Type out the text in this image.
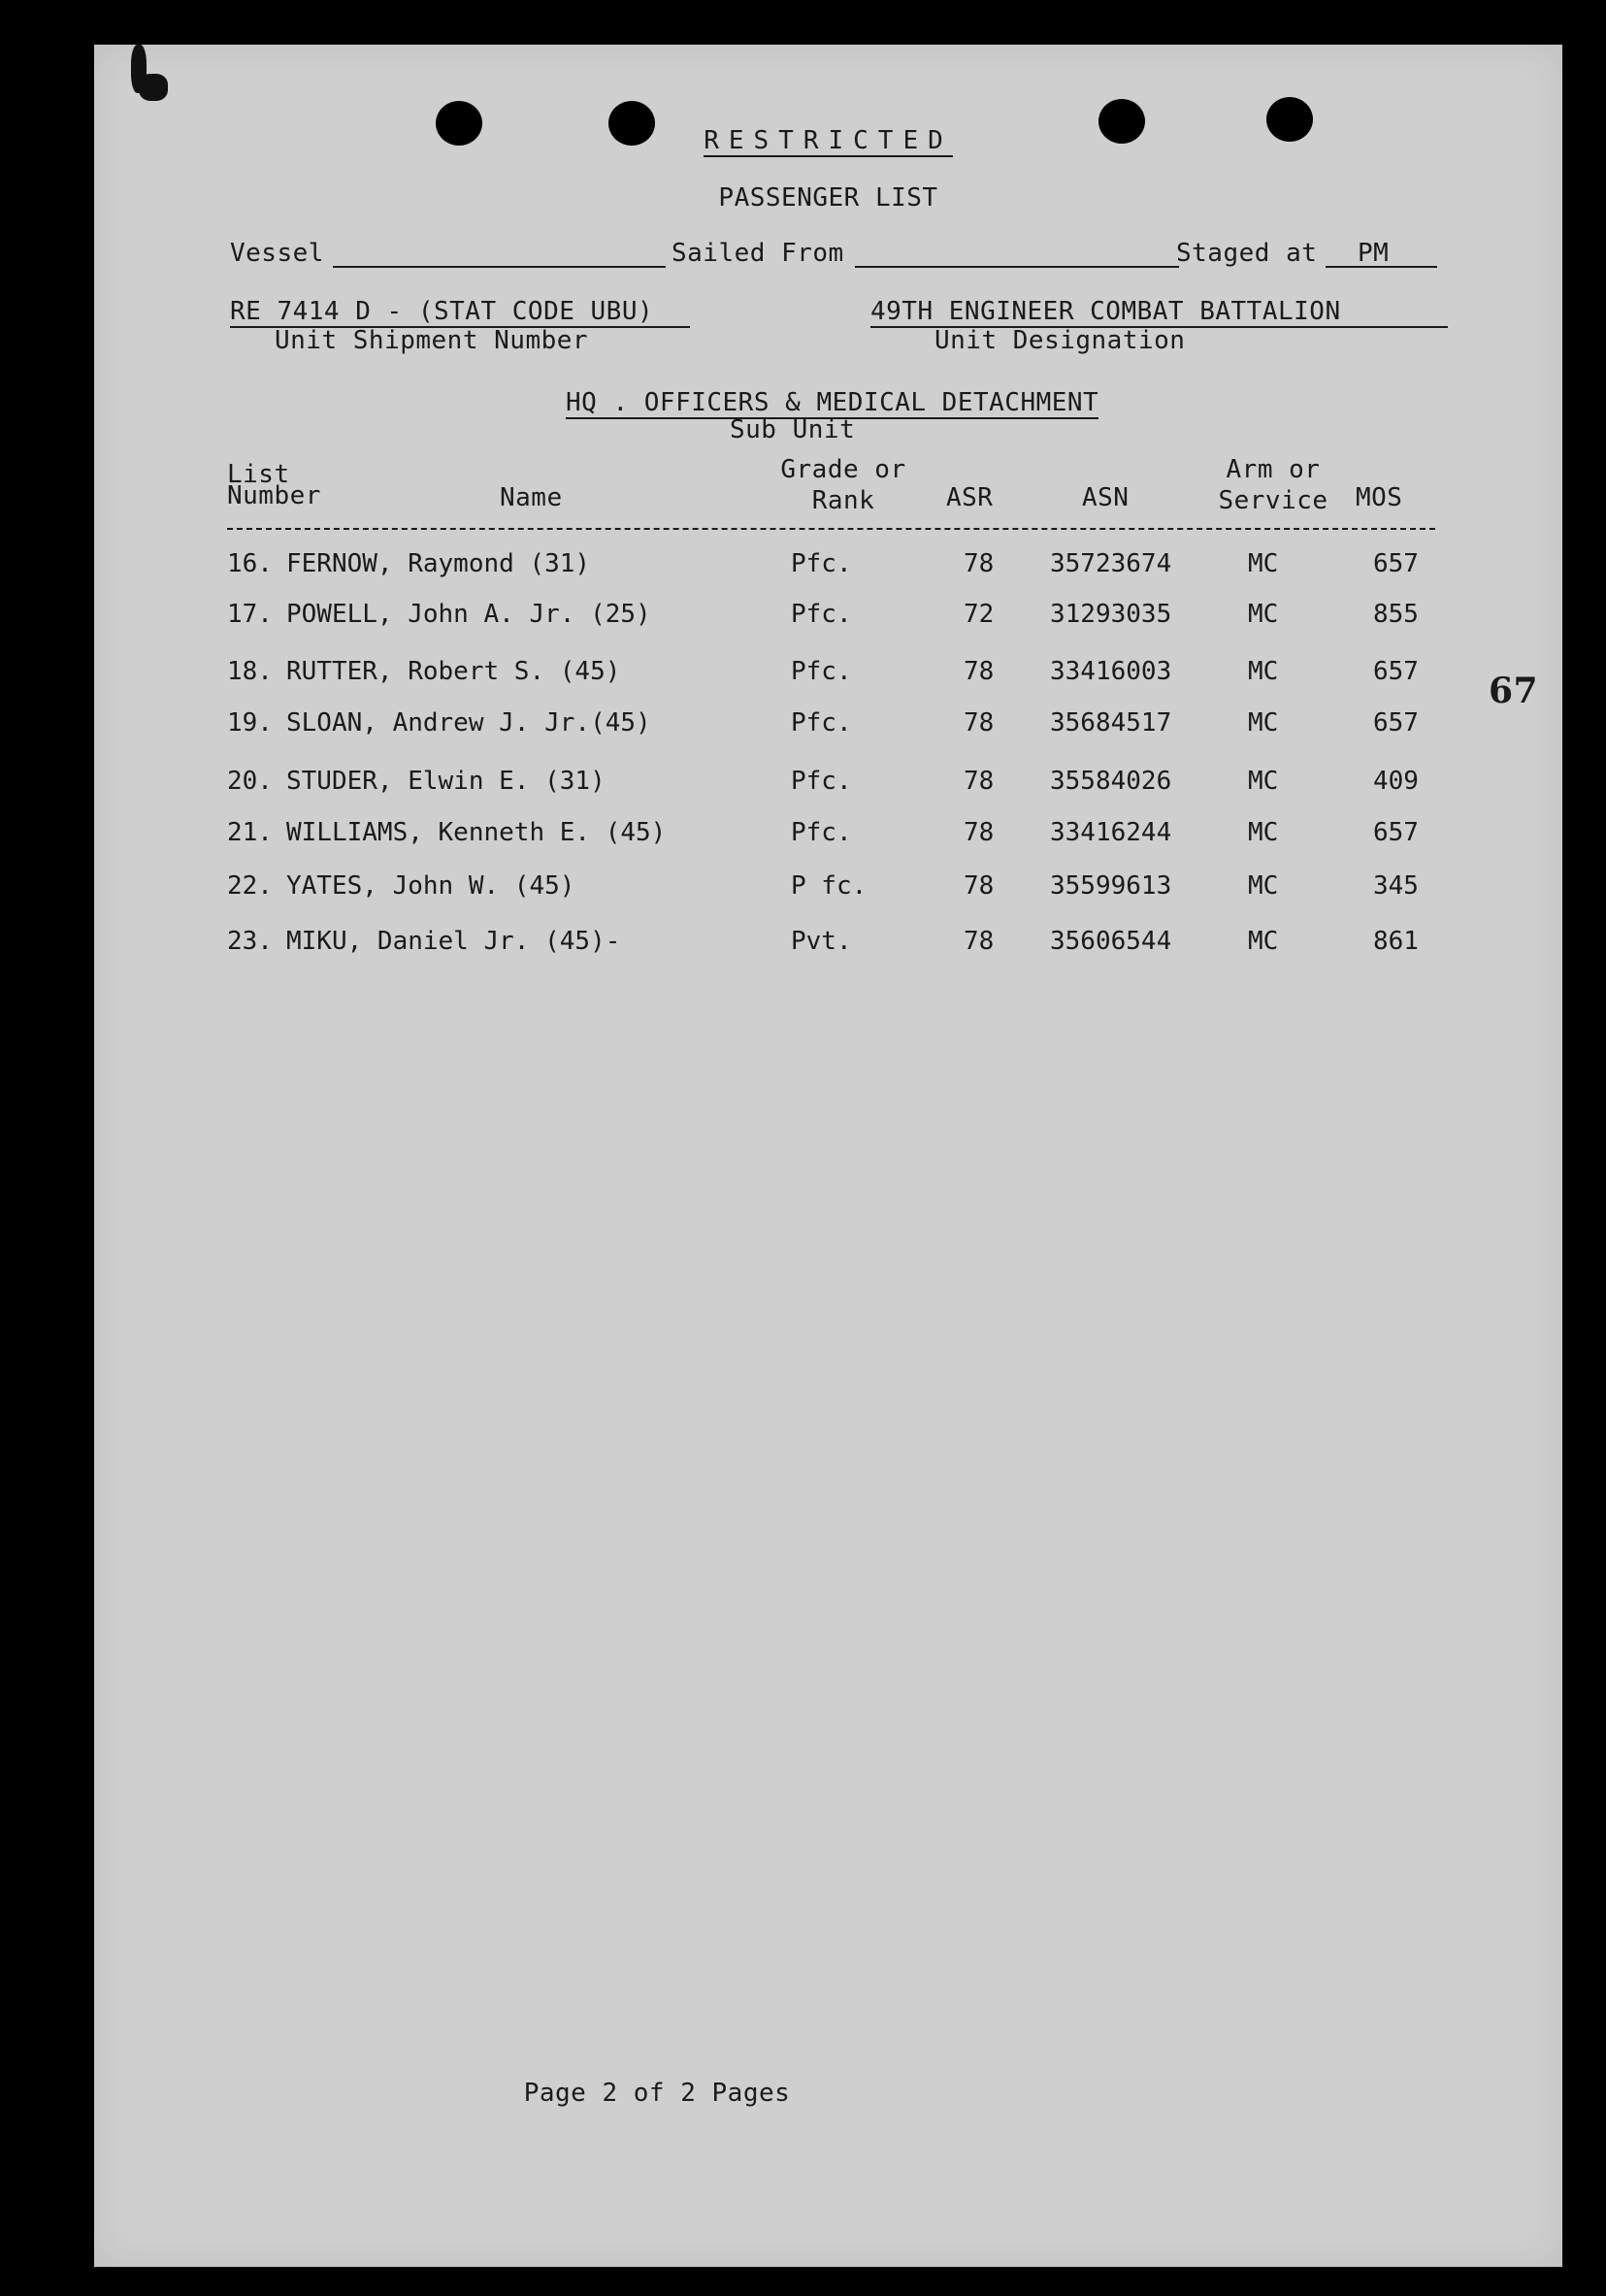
RESTRICTED
PASSENGER LIST
Vessel	Sailed From	Staged at PM
RE 7414 D - (STAT CODE UBU)
Unit Shipment Number
49TH ENGINEER COMBAT BATTALION
Unit Designation
HQ . OFFICERS & MEDICAL DETACHMENT
Sub Unit
List
Number	Name
Grade or
Rank	ASR	ASN
Arm or
Service	MOS
16. FERNOW, Raymond (31)	Pfc.	78 35723674	MC	657
17. POWELL, John A. Jr. (25)	Pfc.	72 31293035	MC	855
18. RUTTER, Robert S. (45)	Pfc.	78 33416003	MC	657
19. SLOAN, Andrew J. Jr.(45)	Pfc.	78 35684517	MC	657
20. STUDER, Elwin E. (31)	Pfc.	78 35584026	MC	409
21. WILLIAMS, Kenneth E. (45)	Pfc.	78 33416244	MC	657
22. YATES, John W. (45)	P fc.	78 35599613	MC	345
23. MIKU, Daniel Jr. (45)-	Pvt.	78 35606544	MC	861
67
Page 2 of 2 Pages
